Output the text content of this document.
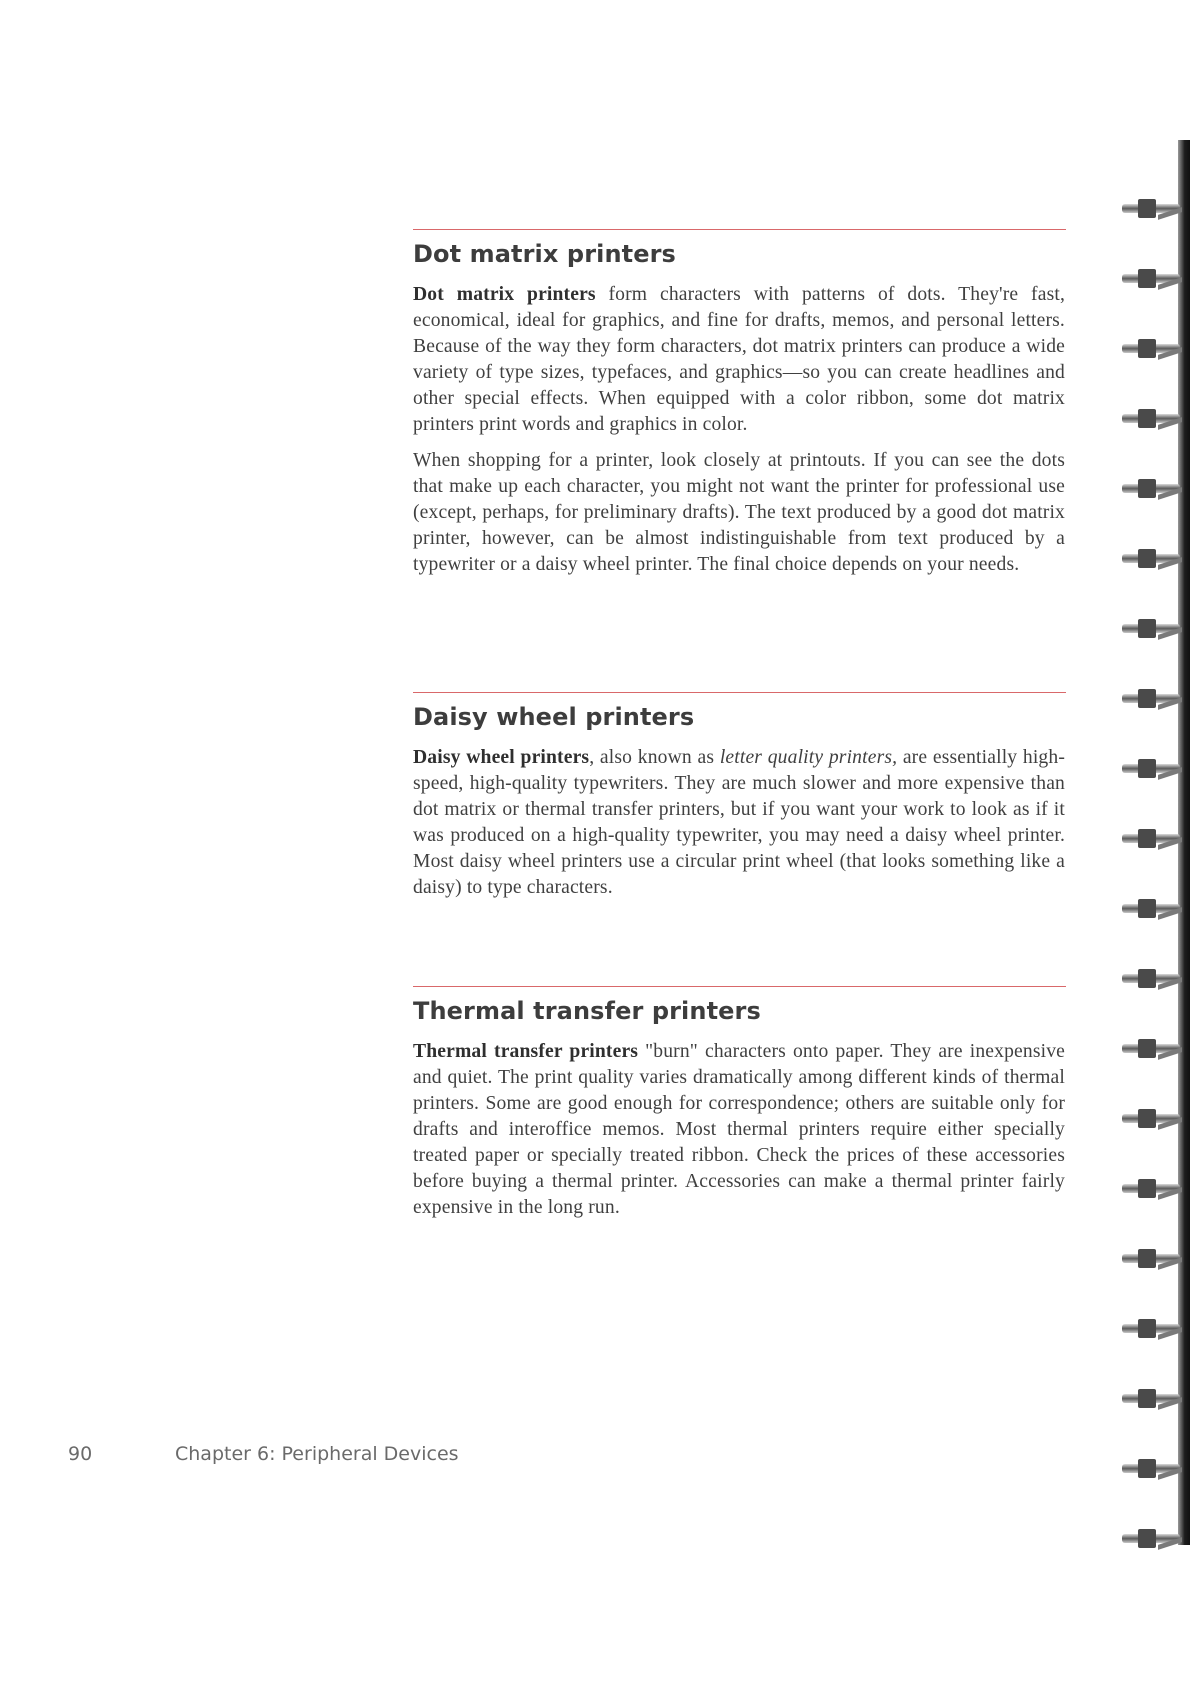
Dot matrix printers

Dot matrix printers form characters with patterns of dots. They're fast, economical, ideal for graphics, and fine for drafts, memos, and personal letters. Because of the way they form characters, dot matrix printers can produce a wide variety of type sizes, typefaces, and graphics—so you can create headlines and other special effects. When equipped with a color ribbon, some dot matrix printers print words and graphics in color.

When shopping for a printer, look closely at printouts. If you can see the dots that make up each character, you might not want the printer for professional use (except, perhaps, for preliminary drafts). The text produced by a good dot matrix printer, however, can be almost indistinguishable from text produced by a typewriter or a daisy wheel printer. The final choice depends on your needs.

Daisy wheel printers

Daisy wheel printers, also known as letter quality printers, are essentially high-speed, high-quality typewriters. They are much slower and more expensive than dot matrix or thermal transfer printers, but if you want your work to look as if it was produced on a high-quality typewriter, you may need a daisy wheel printer. Most daisy wheel printers use a circular print wheel (that looks something like a daisy) to type characters.

Thermal transfer printers

Thermal transfer printers "burn" characters onto paper. They are inexpensive and quiet. The print quality varies dramatically among different kinds of thermal printers. Some are good enough for correspondence; others are suitable only for drafts and interoffice memos. Most thermal printers require either specially treated paper or specially treated ribbon. Check the prices of these accessories before buying a thermal printer. Accessories can make a thermal printer fairly expensive in the long run.

90	Chapter 6: Peripheral Devices
